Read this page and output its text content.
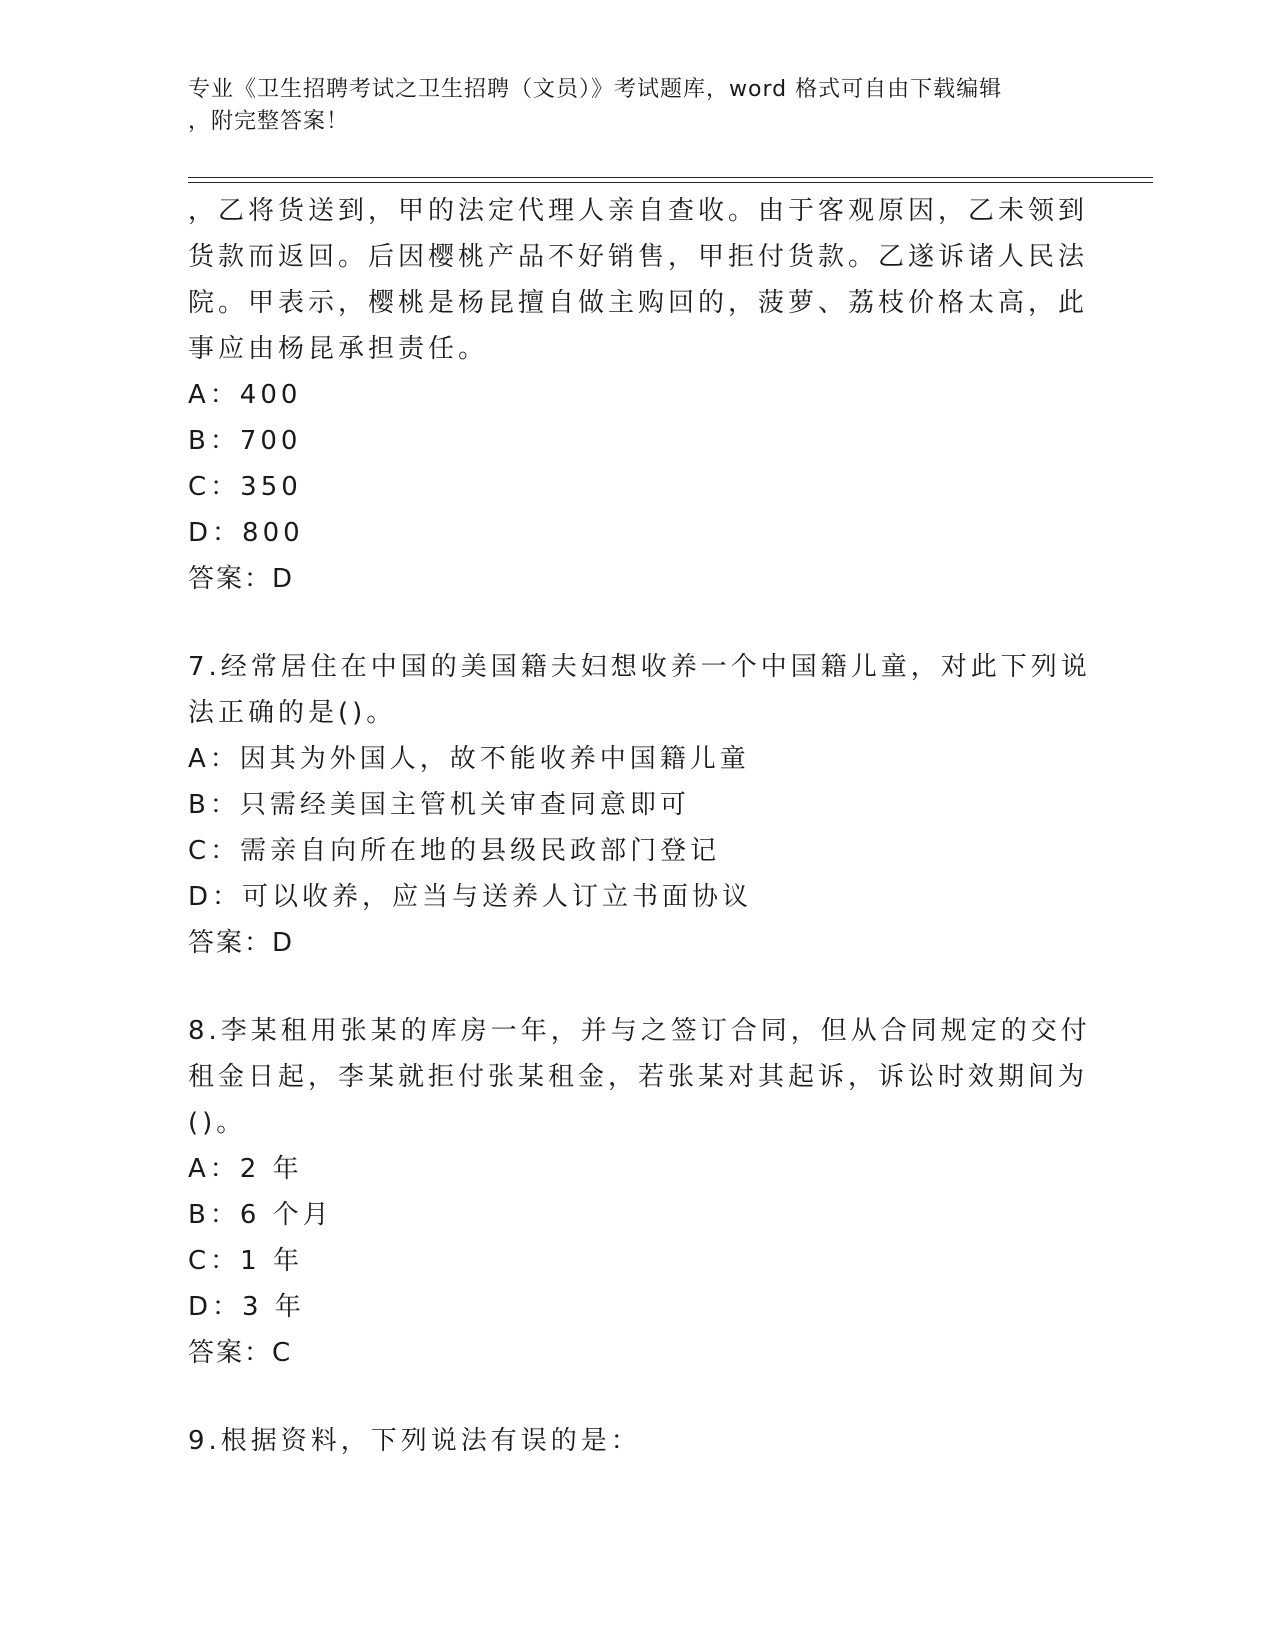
专业《卫生招聘考试之卫生招聘（文员）》考试题库，word 格式可自由下载编辑
，附完整答案！
，乙将货送到，甲的法定代理人亲自查收。由于客观原因，乙未领到
货款而返回。后因樱桃产品不好销售，甲拒付货款。乙遂诉诸人民法
院。甲表示，樱桃是杨昆擅自做主购回的，菠萝、荔枝价格太高，此
事应由杨昆承担责任。
A：400
B：700
C：350
D：800
答案：D
7.经常居住在中国的美国籍夫妇想收养一个中国籍儿童，对此下列说
法正确的是()。
A：因其为外国人，故不能收养中国籍儿童
B：只需经美国主管机关审查同意即可
C：需亲自向所在地的县级民政部门登记
D：可以收养，应当与送养人订立书面协议
答案：D
8.李某租用张某的库房一年，并与之签订合同，但从合同规定的交付
租金日起，李某就拒付张某租金，若张某对其起诉，诉讼时效期间为
()。
A：2 年
B：6 个月
C：1 年
D：3 年
答案：C
9.根据资料，下列说法有误的是：
